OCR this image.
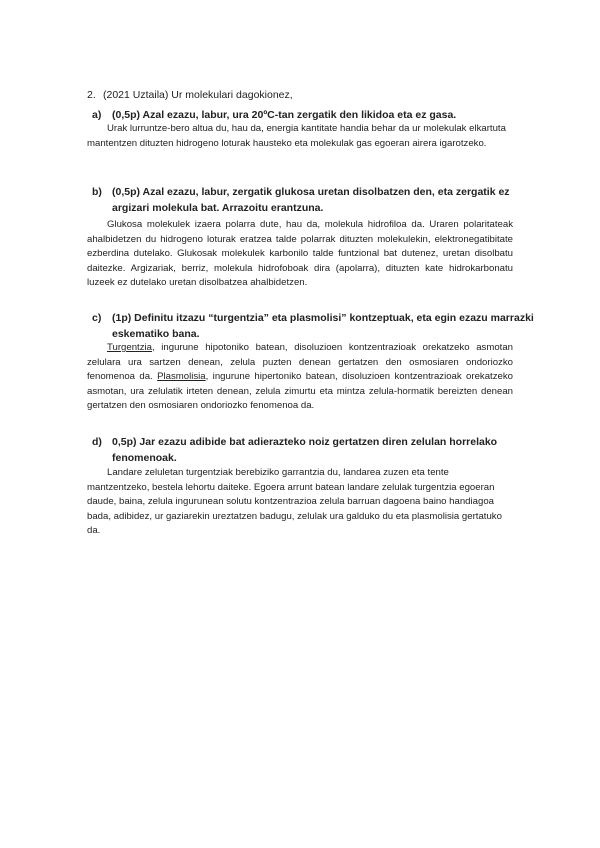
2. (2021 Uztaila) Ur molekulari dagokionez,
a) (0,5p) Azal ezazu, labur, ura 20ºC-tan zergatik den likidoa eta ez gasa.
Urak lurruntze-bero altua du, hau da, energia kantitate handia behar da ur molekulak elkartuta mantentzen dituzten hidrogeno loturak hausteko eta molekulak gas egoeran airera igarotzeko.
b) (0,5p) Azal ezazu, labur, zergatik glukosa uretan disolbatzen den, eta zergatik ez argizari molekula bat. Arrazoitu erantzuna.
Glukosa molekulek izaera polarra dute, hau da, molekula hidrofiloa da. Uraren polaritateak ahalbidetzen du hidrogeno loturak eratzea talde polarrak dituzten molekulekin, elektronegatibitate ezberdina dutelako. Glukosak molekulek karbonilo talde funtzional bat dutenez, uretan disolbatu daitezke. Argizariak, berriz, molekula hidrofoboak dira (apolarra), dituzten kate hidrokarbonatu luzeek ez dutelako uretan disolbatzea ahalbidetzen.
c) (1p) Definitu itzazu “turgentzia” eta plasmolisi” kontzeptuak, eta egin ezazu marrazki eskematiko bana.
Turgentzia, ingurune hipotoniko batean, disoluzioen kontzentrazioak orekatzeko asmotan zelulara ura sartzen denean, zelula puzten denean gertatzen den osmosiaren ondoriozko fenomenoa da. Plasmolisia, ingurune hipertoniko batean, disoluzioen kontzentrazioak orekatzeko asmotan, ura zelulatik irteten denean, zelula zimurtu eta mintza zelula-hormatik bereizten denean gertatzen den osmosiaren ondoriozko fenomenoa da.
d) 0,5p) Jar ezazu adibide bat adierazteko noiz gertatzen diren zelulan horrelako fenomenoak.
Landare zeluletan turgentziak berebiziko garrantzia du, landarea zuzen eta tente mantzentzeko, bestela lehortu daiteke. Egoera arrunt batean landare zelulak turgentzia egoeran daude, baina, zelula ingurunean solutu kontzentrazioa zelula barruan dagoena baino handiagoa bada, adibidez, ur gaziarekin ureztatzen badugu, zelulak ura galduko du eta plasmolisia gertatuko da.
